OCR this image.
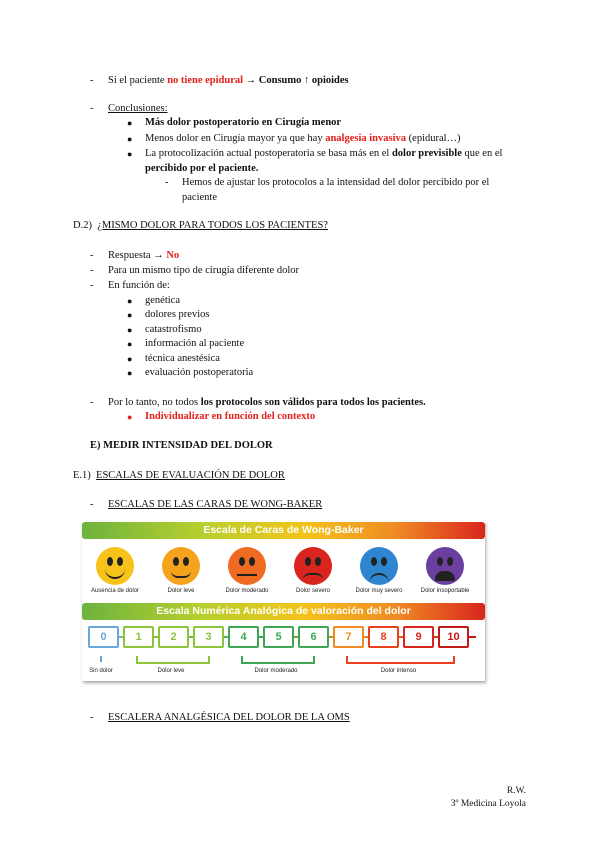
- Si el paciente no tiene epidural → Consumo ↑ opioides
- Conclusiones:
● Más dolor postoperatorio en Cirugía menor
● Menos dolor en Cirugía mayor ya que hay analgesia invasiva (epidural…)
● La protocolización actual postoperatoria se basa más en el dolor previsible que en el
percibido por el paciente.
- Hemos de ajustar los protocolos a la intensidad del dolor percibido por el
paciente
D.2) ¿MISMO DOLOR PARA TODOS LOS PACIENTES?
- Respuesta → No
- Para un mismo tipo de cirugía diferente dolor
- En función de:
● genética
● dolores previos
● catastrofismo
● información al paciente
● técnica anestésica
● evaluación postoperatoria
- Por lo tanto, no todos los protocolos son válidos para todos los pacientes.
● Individualizar en función del contexto
E) MEDIR INTENSIDAD DEL DOLOR
E.1) ESCALAS DE EVALUACIÓN DE DOLOR
- ESCALAS DE LAS CARAS DE WONG-BAKER
Escala de Caras de Wong-Baker
Ausencia de dolor	Dolor leve	Dolor moderado	Dolor severo	Dolor muy severo	Dolor insoportable
Escala Numérica Analógica de valoración del dolor
0	1	2	3	4	5	6	7	8	9	10
Sin dolor	Dolor leve	Dolor moderado	Dolor intenso
- ESCALERA ANALGÉSICA DEL DOLOR DE LA OMS
R.W.
3º Medicina Loyola
